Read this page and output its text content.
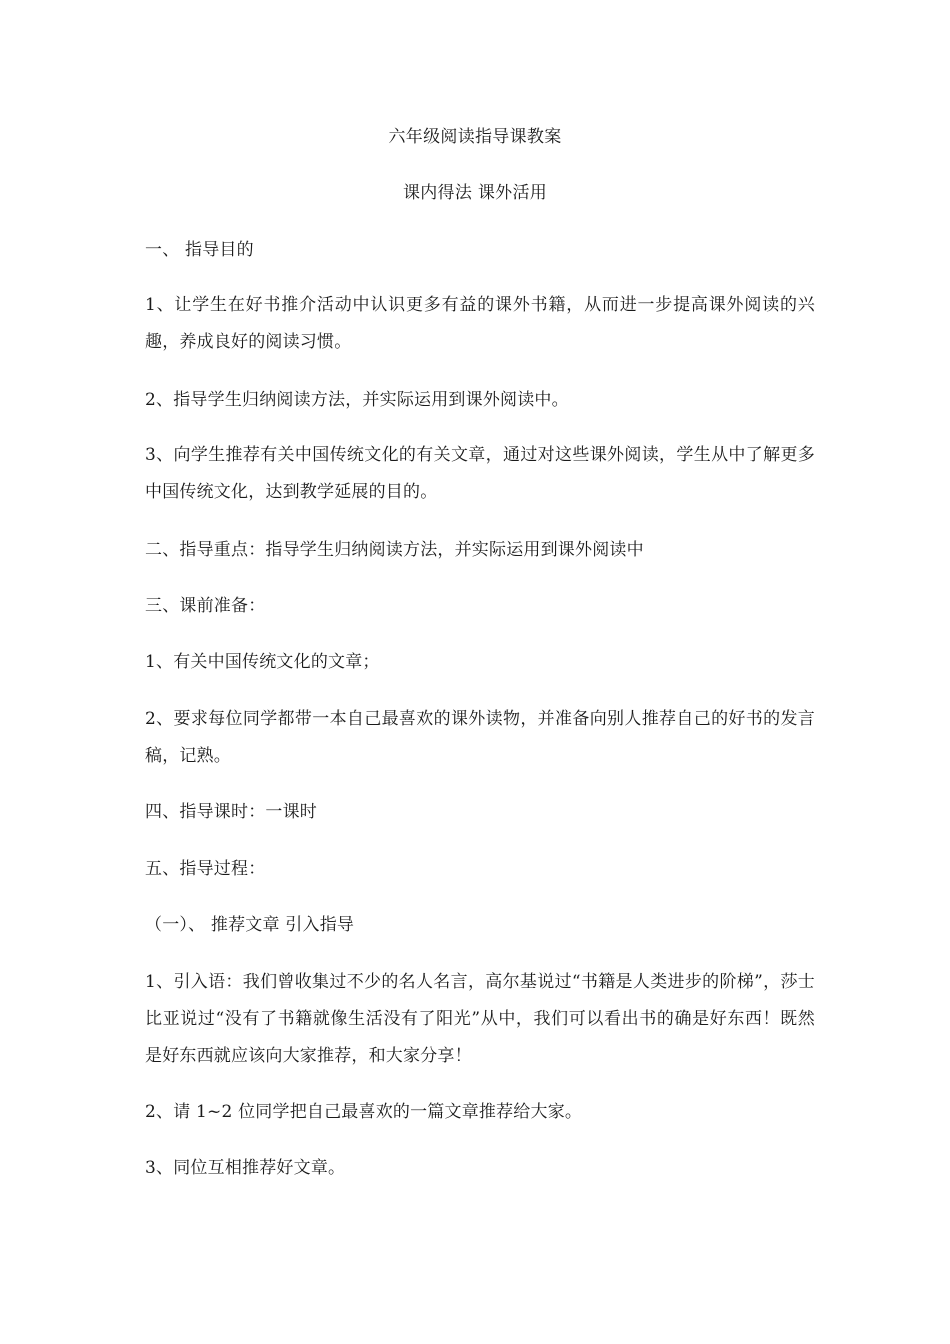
六年级阅读指导课教案
课内得法 课外活用
一、 指导目的
1、让学生在好书推介活动中认识更多有益的课外书籍，从而进一步提高课外阅读的兴趣，养成良好的阅读习惯。
2、指导学生归纳阅读方法，并实际运用到课外阅读中。
3、向学生推荐有关中国传统文化的有关文章，通过对这些课外阅读，学生从中了解更多中国传统文化，达到教学延展的目的。
二、指导重点：指导学生归纳阅读方法，并实际运用到课外阅读中
三、课前准备：
1、有关中国传统文化的文章；
2、要求每位同学都带一本自己最喜欢的课外读物，并准备向别人推荐自己的好书的发言稿，记熟。
四、指导课时：一课时
五、指导过程：
（一）、 推荐文章 引入指导
1、引入语：我们曾收集过不少的名人名言，高尔基说过“书籍是人类进步的阶梯”，莎士比亚说过“没有了书籍就像生活没有了阳光”从中，我们可以看出书的确是好东西！既然是好东西就应该向大家推荐，和大家分享！
2、请 1~2 位同学把自己最喜欢的一篇文章推荐给大家。
3、同位互相推荐好文章。
